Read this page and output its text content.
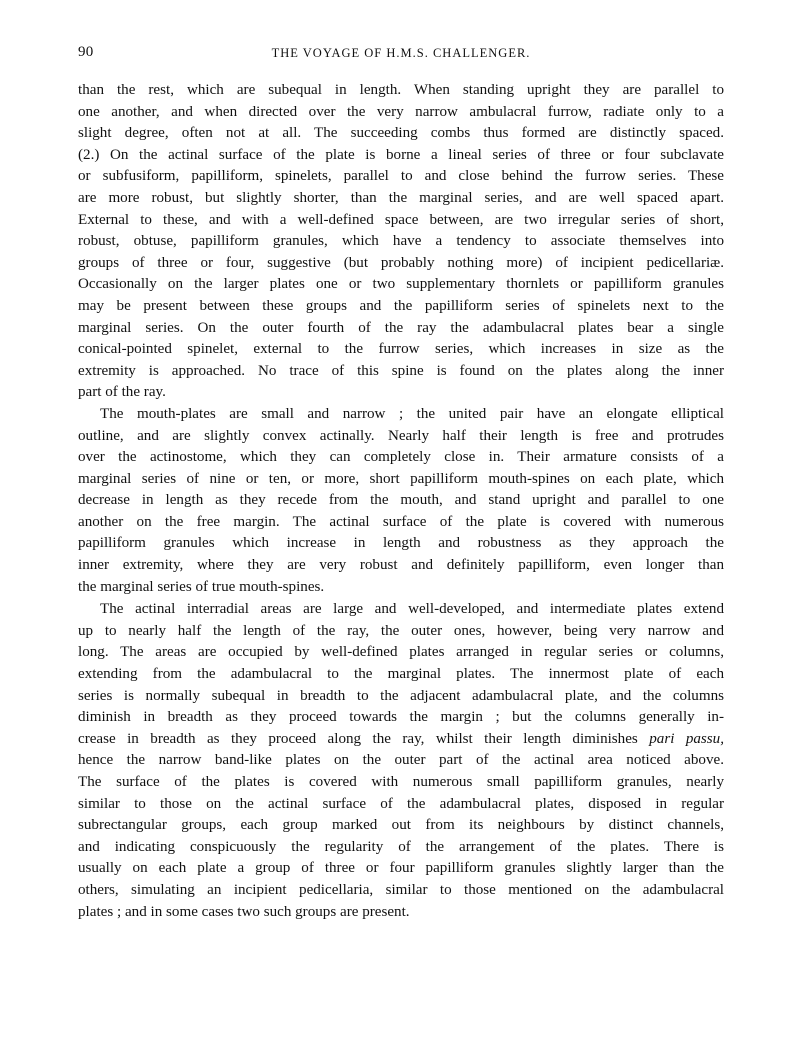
90	THE VOYAGE OF H.M.S. CHALLENGER.
than the rest, which are subequal in length. When standing upright they are parallel to
one another, and when directed over the very narrow ambulacral furrow, radiate only to a
slight degree, often not at all. The succeeding combs thus formed are distinctly spaced.
(2.) On the actinal surface of the plate is borne a lineal series of three or four subclavate
or subfusiform, papilliform, spinelets, parallel to and close behind the furrow series. These
are more robust, but slightly shorter, than the marginal series, and are well spaced apart.
External to these, and with a well-defined space between, are two irregular series of short,
robust, obtuse, papilliform granules, which have a tendency to associate themselves into
groups of three or four, suggestive (but probably nothing more) of incipient pedicellariæ.
Occasionally on the larger plates one or two supplementary thornlets or papilliform granules
may be present between these groups and the papilliform series of spinelets next to the
marginal series. On the outer fourth of the ray the adambulacral plates bear a single
conical-pointed spinelet, external to the furrow series, which increases in size as the
extremity is approached. No trace of this spine is found on the plates along the inner
part of the ray.
The mouth-plates are small and narrow ; the united pair have an elongate elliptical
outline, and are slightly convex actinally. Nearly half their length is free and protrudes
over the actinostome, which they can completely close in. Their armature consists of a
marginal series of nine or ten, or more, short papilliform mouth-spines on each plate, which
decrease in length as they recede from the mouth, and stand upright and parallel to one
another on the free margin. The actinal surface of the plate is covered with numerous
papilliform granules which increase in length and robustness as they approach the
inner extremity, where they are very robust and definitely papilliform, even longer than
the marginal series of true mouth-spines.
The actinal interradial areas are large and well-developed, and intermediate plates extend
up to nearly half the length of the ray, the outer ones, however, being very narrow and
long. The areas are occupied by well-defined plates arranged in regular series or columns,
extending from the adambulacral to the marginal plates. The innermost plate of each
series is normally subequal in breadth to the adjacent adambulacral plate, and the columns
diminish in breadth as they proceed towards the margin ; but the columns generally in-
crease in breadth as they proceed along the ray, whilst their length diminishes pari passu,
hence the narrow band-like plates on the outer part of the actinal area noticed above.
The surface of the plates is covered with numerous small papilliform granules, nearly
similar to those on the actinal surface of the adambulacral plates, disposed in regular
subrectangular groups, each group marked out from its neighbours by distinct channels,
and indicating conspicuously the regularity of the arrangement of the plates. There is
usually on each plate a group of three or four papilliform granules slightly larger than the
others, simulating an incipient pedicellaria, similar to those mentioned on the adambulacral
plates ; and in some cases two such groups are present.
